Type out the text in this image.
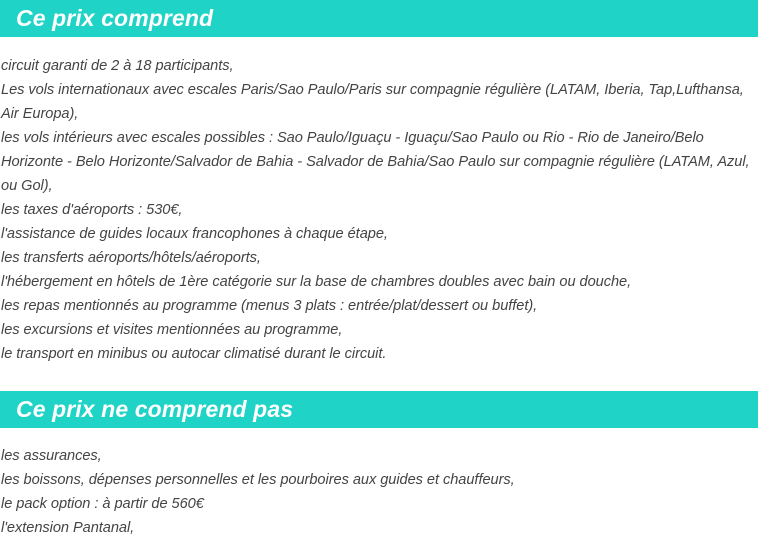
Ce prix comprend
circuit garanti de 2 à 18 participants,
Les vols internationaux avec escales Paris/Sao Paulo/Paris sur compagnie régulière (LATAM, Iberia, Tap,Lufthansa, Air Europa),
les vols intérieurs avec escales possibles : Sao Paulo/Iguaçu - Iguaçu/Sao Paulo ou Rio - Rio de Janeiro/Belo Horizonte - Belo Horizonte/Salvador de Bahia - Salvador de Bahia/Sao Paulo sur compagnie régulière (LATAM, Azul, ou Gol),
les taxes d'aéroports : 530€,
l'assistance de guides locaux francophones à chaque étape,
les transferts aéroports/hôtels/aéroports,
l'hébergement en hôtels de 1ère catégorie sur la base de chambres doubles avec bain ou douche,
les repas mentionnés au programme (menus 3 plats : entrée/plat/dessert ou buffet),
les excursions et visites mentionnées au programme,
le transport en minibus ou autocar climatisé durant le circuit.
Ce prix ne comprend pas
les assurances,
les boissons, dépenses personnelles et les pourboires aux guides et chauffeurs,
le pack option : à partir de 560€
l'extension Pantanal,
